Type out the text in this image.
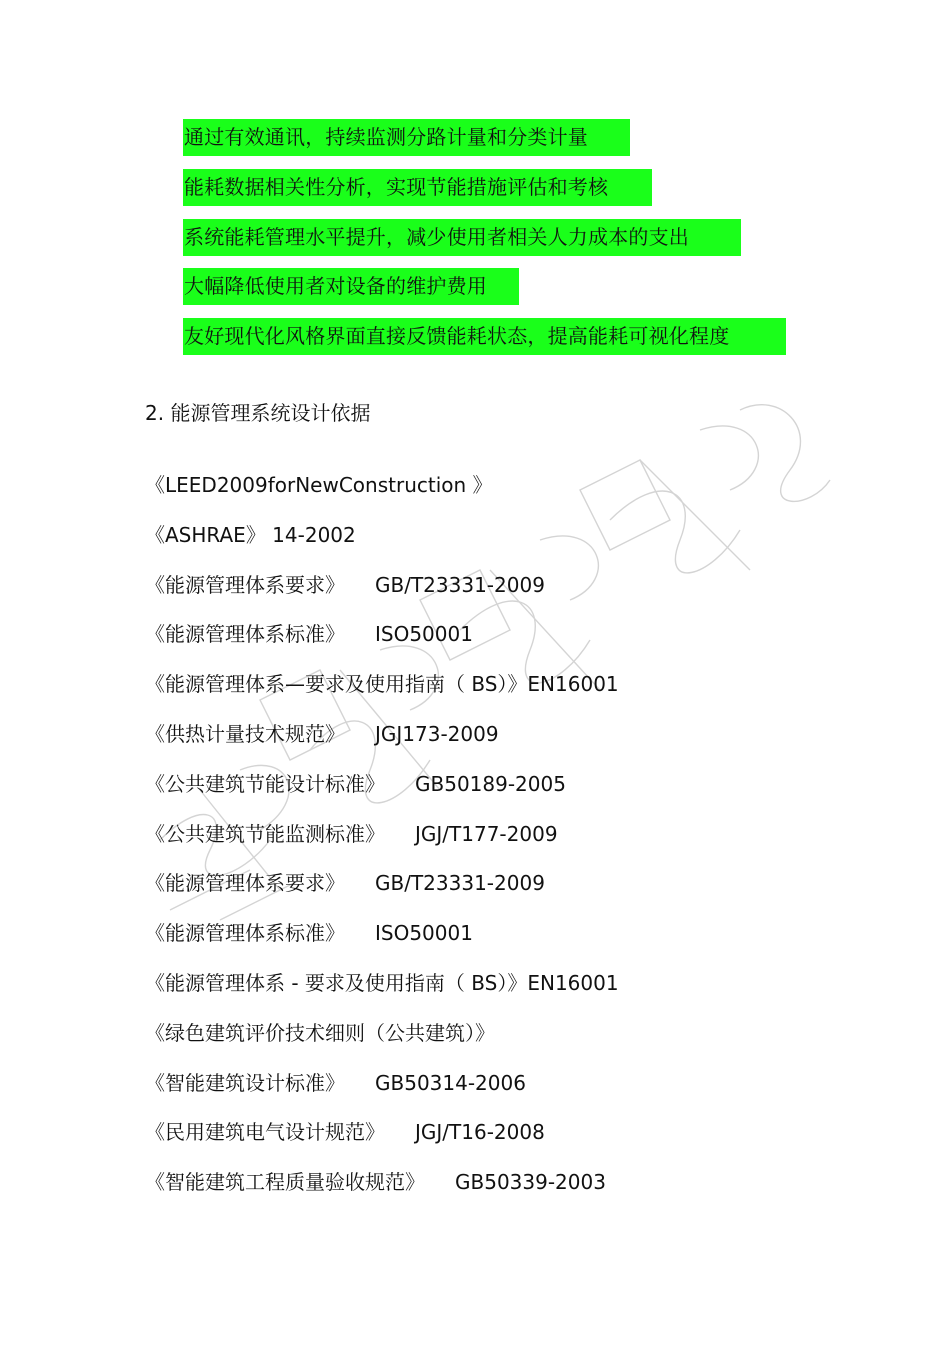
通过有效通讯，持续监测分路计量和分类计量
能耗数据相关性分析，实现节能措施评估和考核
系统能耗管理水平提升，减少使用者相关人力成本的支出
大幅降低使用者对设备的维护费用
友好现代化风格界面直接反馈能耗状态，提高能耗可视化程度
2. 能源管理系统设计依据
《LEED2009forNewConstruction 》
《ASHRAE》 14-2002
《能源管理体系要求》 GB/T23331-2009
《能源管理体系标准》 ISO50001
《能源管理体系—要求及使用指南（ BS）》EN16001
《供热计量技术规范》 JGJ173-2009
《公共建筑节能设计标准》 GB50189-2005
《公共建筑节能监测标准》 JGJ/T177-2009
《能源管理体系要求》 GB/T23331-2009
《能源管理体系标准》 ISO50001
《能源管理体系 - 要求及使用指南（ BS）》EN16001
《绿色建筑评价技术细则（公共建筑）》
《智能建筑设计标准》 GB50314-2006
《民用建筑电气设计规范》 JGJ/T16-2008
《智能建筑工程质量验收规范》 GB50339-2003
